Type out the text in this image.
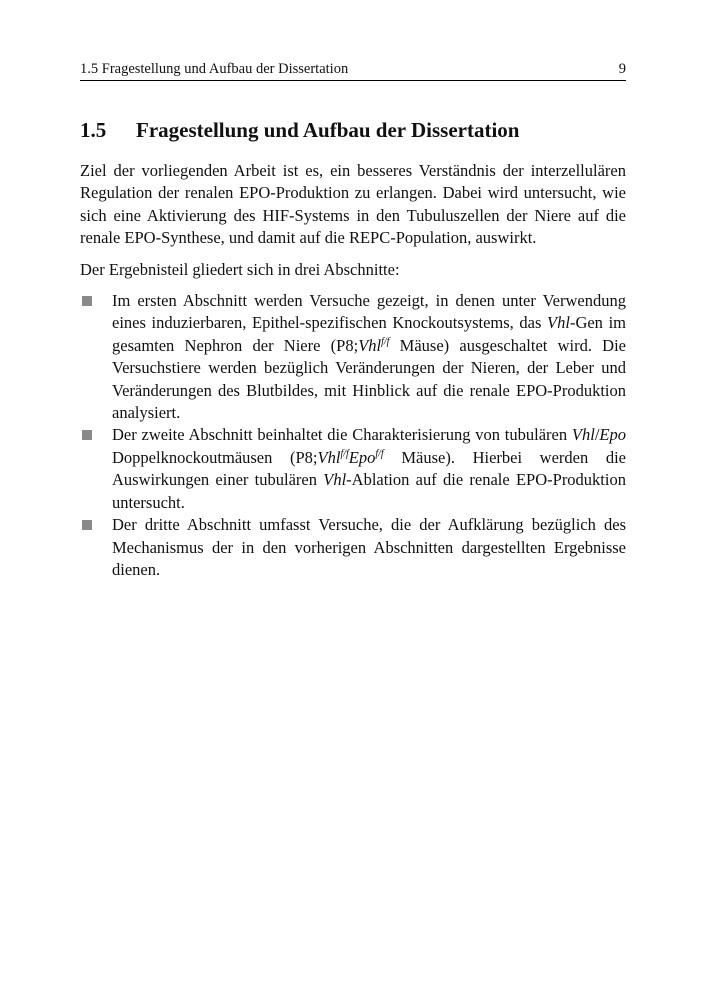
1.5 Fragestellung und Aufbau der Dissertation	9
1.5	Fragestellung und Aufbau der Dissertation

Ziel der vorliegenden Arbeit ist es, ein besseres Verständnis der interzellulären Regulation der renalen EPO-Produktion zu erlangen. Dabei wird untersucht, wie sich eine Aktivierung des HIF-Systems in den Tubuluszellen der Niere auf die renale EPO-Synthese, und damit auf die REPC-Population, auswirkt.

Der Ergebnisteil gliedert sich in drei Abschnitte:

Im ersten Abschnitt werden Versuche gezeigt, in denen unter Verwendung eines induzierbaren, Epithel-spezifischen Knockoutsystems, das Vhl-Gen im gesamten Nephron der Niere (P8;Vhl$^{f/f}$ Mäuse) ausgeschaltet wird. Die Versuchstiere werden bezüglich Veränderungen der Nieren, der Leber und Veränderungen des Blutbildes, mit Hinblick auf die renale EPO-Produktion analysiert.
Der zweite Abschnitt beinhaltet die Charakterisierung von tubulären Vhl/Epo Doppelknockoutmäusen (P8;Vhl$^{f/f}$Epo$^{f/f}$ Mäuse). Hierbei werden die Auswirkungen einer tubulären Vhl-Ablation auf die renale EPO-Produktion untersucht.
Der dritte Abschnitt umfasst Versuche, die der Aufklärung bezüglich des Mechanismus der in den vorherigen Abschnitten dargestellten Ergebnisse dienen.
